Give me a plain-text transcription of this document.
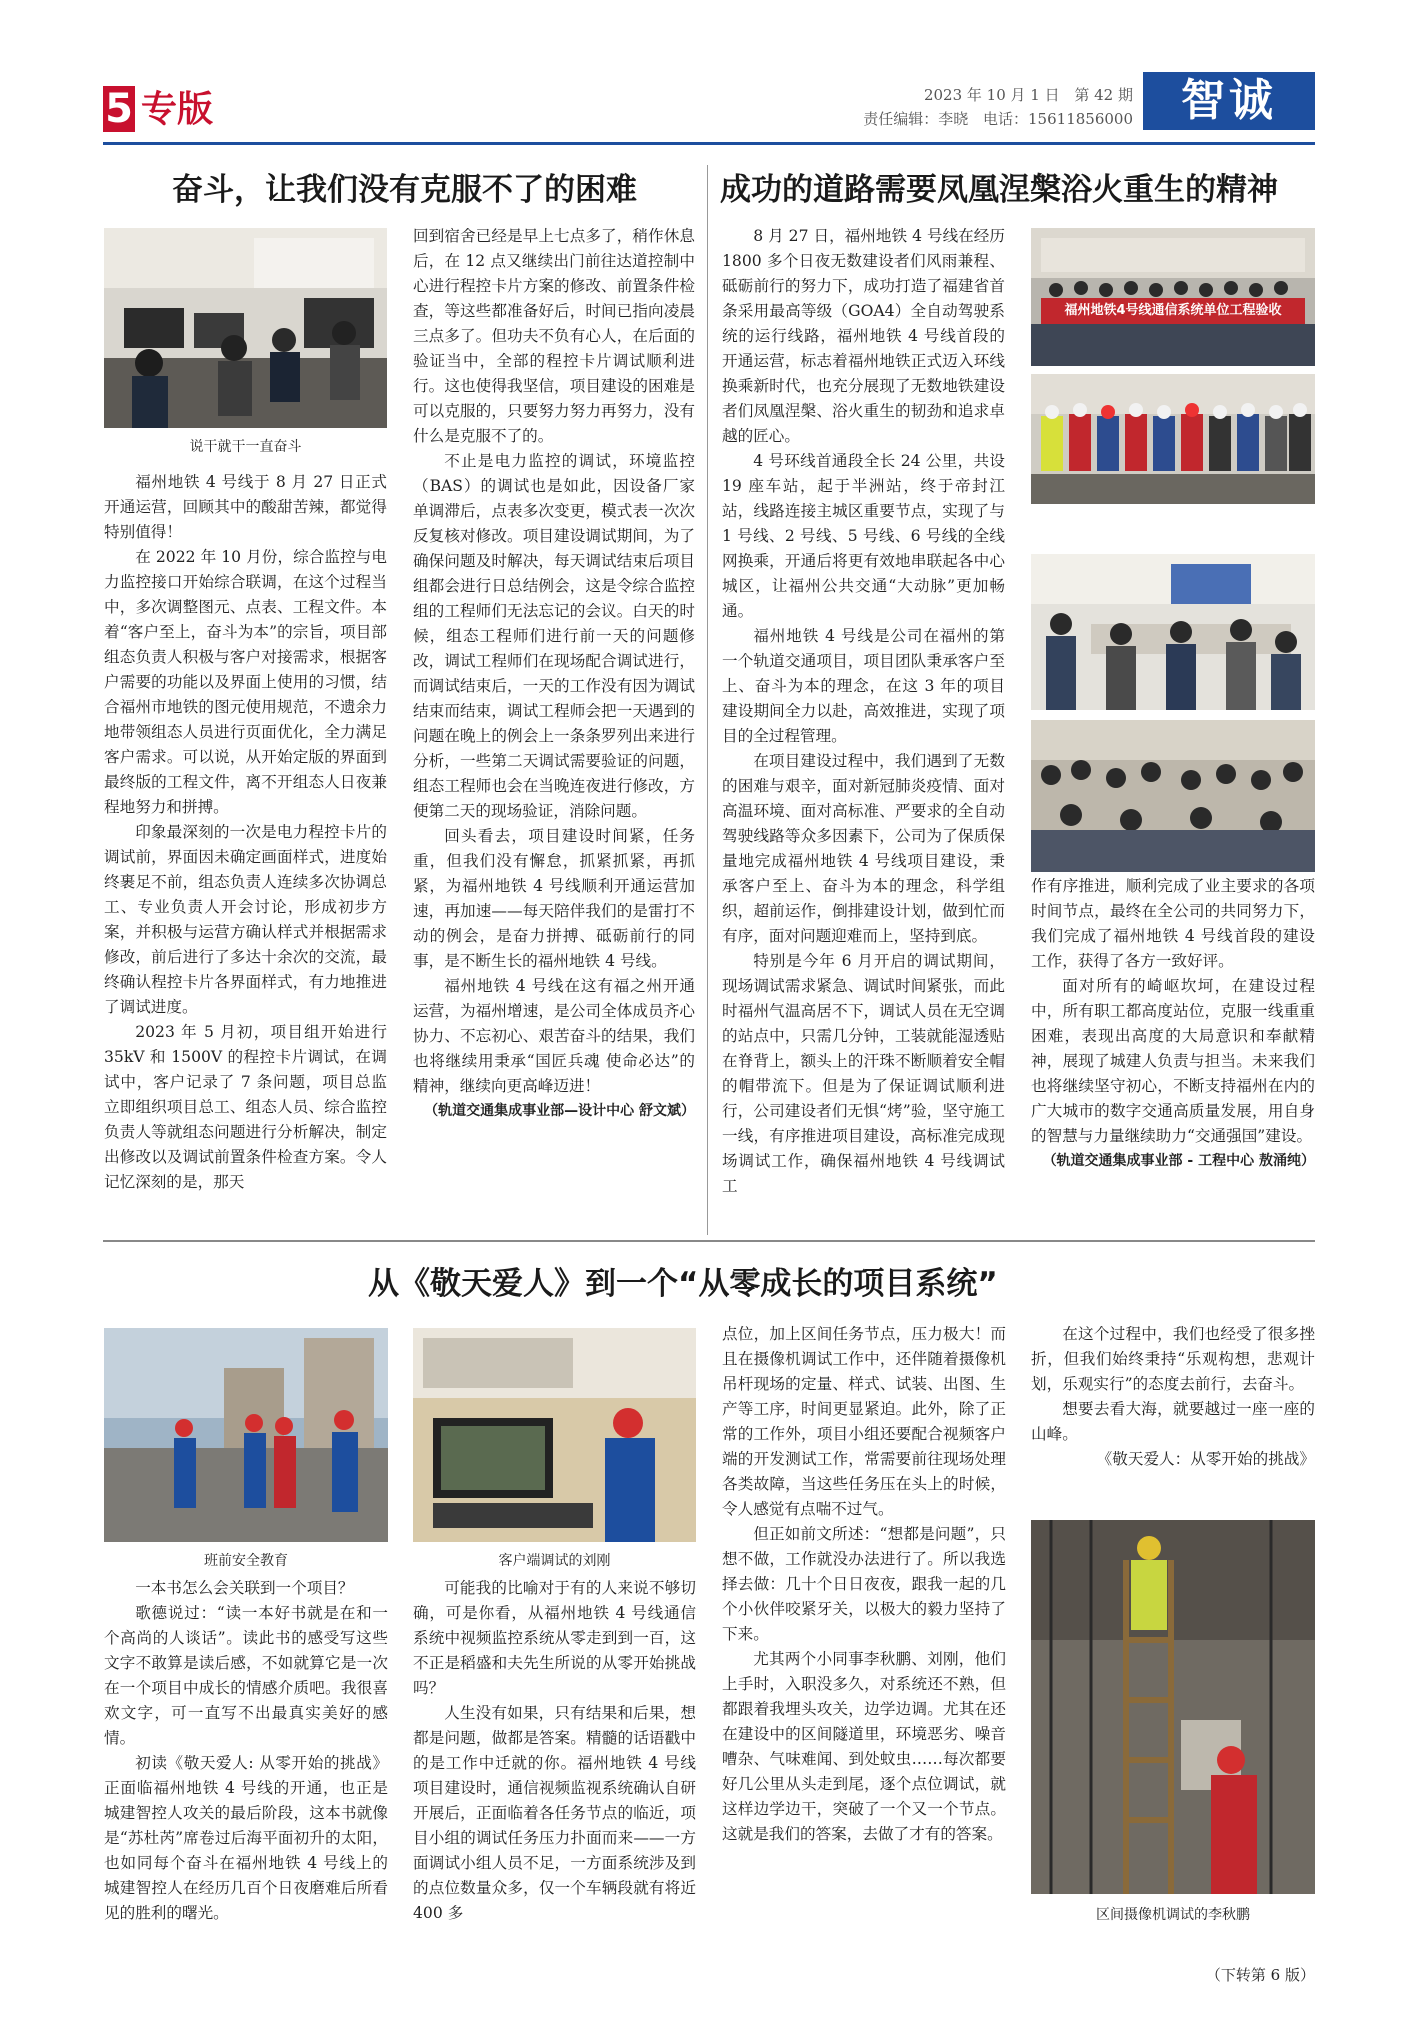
5 专版	2023 年 10 月 1 日 第 42 期
责任编辑：李晓 电话：15611856000	智诚
奋斗，让我们没有克服不了的困难
说干就干一直奋斗

福州地铁 4 号线于 8 月 27 日正式开通运营，回顾其中的酸甜苦辣，都觉得特别值得！

在 2022 年 10 月份，综合监控与电力监控接口开始综合联调，在这个过程当中，多次调整图元、点表、工程文件。本着“客户至上，奋斗为本”的宗旨，项目部组态负责人积极与客户对接需求，根据客户需要的功能以及界面上使用的习惯，结合福州市地铁的图元使用规范，不遗余力地带领组态人员进行页面优化，全力满足客户需求。可以说，从开始定版的界面到最终版的工程文件，离不开组态人日夜兼程地努力和拼搏。

印象最深刻的一次是电力程控卡片的调试前，界面因未确定画面样式，进度始终裹足不前，组态负责人连续多次协调总工、专业负责人开会讨论，形成初步方案，并积极与运营方确认样式并根据需求修改，前后进行了多达十余次的交流，最终确认程控卡片各界面样式，有力地推进了调试进度。

2023 年 5 月初，项目组开始进行 35kV 和 1500V 的程控卡片调试，在调试中，客户记录了 7 条问题，项目总监立即组织项目总工、组态人员、综合监控负责人等就组态问题进行分析解决，制定出修改以及调试前置条件检查方案。令人记忆深刻的是，那天

回到宿舍已经是早上七点多了，稍作休息后，在 12 点又继续出门前往达道控制中心进行程控卡片方案的修改、前置条件检查，等这些都准备好后，时间已指向凌晨三点多了。但功夫不负有心人，在后面的验证当中，全部的程控卡片调试顺利进行。这也使得我坚信，项目建设的困难是可以克服的，只要努力努力再努力，没有什么是克服不了的。

不止是电力监控的调试，环境监控（BAS）的调试也是如此，因设备厂家单调滞后，点表多次变更，模式表一次次反复核对修改。项目建设调试期间，为了确保问题及时解决，每天调试结束后项目组都会进行日总结例会，这是令综合监控组的工程师们无法忘记的会议。白天的时候，组态工程师们进行前一天的问题修改，调试工程师们在现场配合调试进行，而调试结束后，一天的工作没有因为调试结束而结束，调试工程师会把一天遇到的问题在晚上的例会上一条条罗列出来进行分析，一些第二天调试需要验证的问题，组态工程师也会在当晚连夜进行修改，方便第二天的现场验证，消除问题。

回头看去，项目建设时间紧，任务重，但我们没有懈怠，抓紧抓紧，再抓紧，为福州地铁 4 号线顺利开通运营加速，再加速——每天陪伴我们的是雷打不动的例会，是奋力拼搏、砥砺前行的同事，是不断生长的福州地铁 4 号线。

福州地铁 4 号线在这有福之州开通运营，为福州增速，是公司全体成员齐心协力、不忘初心、艰苦奋斗的结果，我们也将继续用秉承“国匠兵魂 使命必达”的精神，继续向更高峰迈进！

（轨道交通集成事业部—设计中心 舒文斌）

成功的道路需要凤凰涅槃浴火重生的精神

8 月 27 日，福州地铁 4 号线在经历 1800 多个日夜无数建设者们风雨兼程、砥砺前行的努力下，成功打造了福建省首条采用最高等级（GOA4）全自动驾驶系统的运行线路，福州地铁 4 号线首段的开通运营，标志着福州地铁正式迈入环线换乘新时代，也充分展现了无数地铁建设者们凤凰涅槃、浴火重生的韧劲和追求卓越的匠心。

4 号环线首通段全长 24 公里，共设 19 座车站，起于半洲站，终于帝封江站，线路连接主城区重要节点，实现了与 1 号线、2 号线、5 号线、6 号线的全线网换乘，开通后将更有效地串联起各中心城区，让福州公共交通“大动脉”更加畅通。

福州地铁 4 号线是公司在福州的第一个轨道交通项目，项目团队秉承客户至上、奋斗为本的理念，在这 3 年的项目建设期间全力以赴，高效推进，实现了项目的全过程管理。

在项目建设过程中，我们遇到了无数的困难与艰辛，面对新冠肺炎疫情、面对高温环境、面对高标准、严要求的全自动驾驶线路等众多因素下，公司为了保质保量地完成福州地铁 4 号线项目建设，秉承客户至上、奋斗为本的理念，科学组织，超前运作，倒排建设计划，做到忙而有序，面对问题迎难而上，坚持到底。

特别是今年 6 月开启的调试期间，现场调试需求紧急、调试时间紧张，而此时福州气温高居不下，调试人员在无空调的站点中，只需几分钟，工装就能湿透贴在脊背上，额头上的汗珠不断顺着安全帽的帽带流下。但是为了保证调试顺利进行，公司建设者们无惧“烤”验，坚守施工一线，有序推进项目建设，高标准完成现场调试工作，确保福州地铁 4 号线调试工

福州地铁4号线通信系统单位工程验收

作有序推进，顺利完成了业主要求的各项时间节点，最终在全公司的共同努力下，我们完成了福州地铁 4 号线首段的建设工作，获得了各方一致好评。

面对所有的崎岖坎坷，在建设过程中，所有职工都高度站位，克服一线重重困难，表现出高度的大局意识和奉献精神，展现了城建人负责与担当。未来我们也将继续坚守初心，不断支持福州在内的广大城市的数字交通高质量发展，用自身的智慧与力量继续助力“交通强国”建设。

（轨道交通集成事业部 - 工程中心 敖涌纯）

从《敬天爱人》到一个“从零成长的项目系统”
班前安全教育	客户端调试的刘刚

一本书怎么会关联到一个项目？

歌德说过：“读一本好书就是在和一个高尚的人谈话”。读此书的感受写这些文字不敢算是读后感，不如就算它是一次在一个项目中成长的情感介质吧。我很喜欢文字，可一直写不出最真实美好的感情。

初读《敬天爱人: 从零开始的挑战》正面临福州地铁 4 号线的开通，也正是城建智控人攻关的最后阶段，这本书就像是“苏杜芮”席卷过后海平面初升的太阳，也如同每个奋斗在福州地铁 4 号线上的城建智控人在经历几百个日夜磨难后所看见的胜利的曙光。

可能我的比喻对于有的人来说不够切确，可是你看，从福州地铁 4 号线通信系统中视频监控系统从零走到到一百，这不正是稻盛和夫先生所说的从零开始挑战吗？

人生没有如果，只有结果和后果，想都是问题，做都是答案。精髓的话语戳中的是工作中迁就的你。福州地铁 4 号线项目建设时，通信视频监视系统确认自研开展后，正面临着各任务节点的临近，项目小组的调试任务压力扑面而来——一方面调试小组人员不足，一方面系统涉及到的点位数量众多，仅一个车辆段就有将近 400 多

点位，加上区间任务节点，压力极大！而且在摄像机调试工作中，还伴随着摄像机吊杆现场的定量、样式、试装、出图、生产等工序，时间更显紧迫。此外，除了正常的工作外，项目小组还要配合视频客户端的开发测试工作，常需要前往现场处理各类故障，当这些任务压在头上的时候，令人感觉有点喘不过气。

但正如前文所述：“想都是问题”，只想不做，工作就没办法进行了。所以我选择去做：几十个日日夜夜，跟我一起的几个小伙伴咬紧牙关，以极大的毅力坚持了下来。

尤其两个小同事李秋鹏、刘刚，他们上手时，入职没多久，对系统还不熟，但都跟着我埋头攻关，边学边调。尤其在还在建设中的区间隧道里，环境恶劣、噪音嘈杂、气味难闻、到处蚊虫……每次都要好几公里从头走到尾，逐个点位调试，就这样边学边干，突破了一个又一个节点。这就是我们的答案，去做了才有的答案。

在这个过程中，我们也经受了很多挫折，但我们始终秉持“乐观构想，悲观计划，乐观实行”的态度去前行，去奋斗。

想要去看大海，就要越过一座一座的山峰。

《敬天爱人：从零开始的挑战》

区间摄像机调试的李秋鹏
（下转第 6 版）
